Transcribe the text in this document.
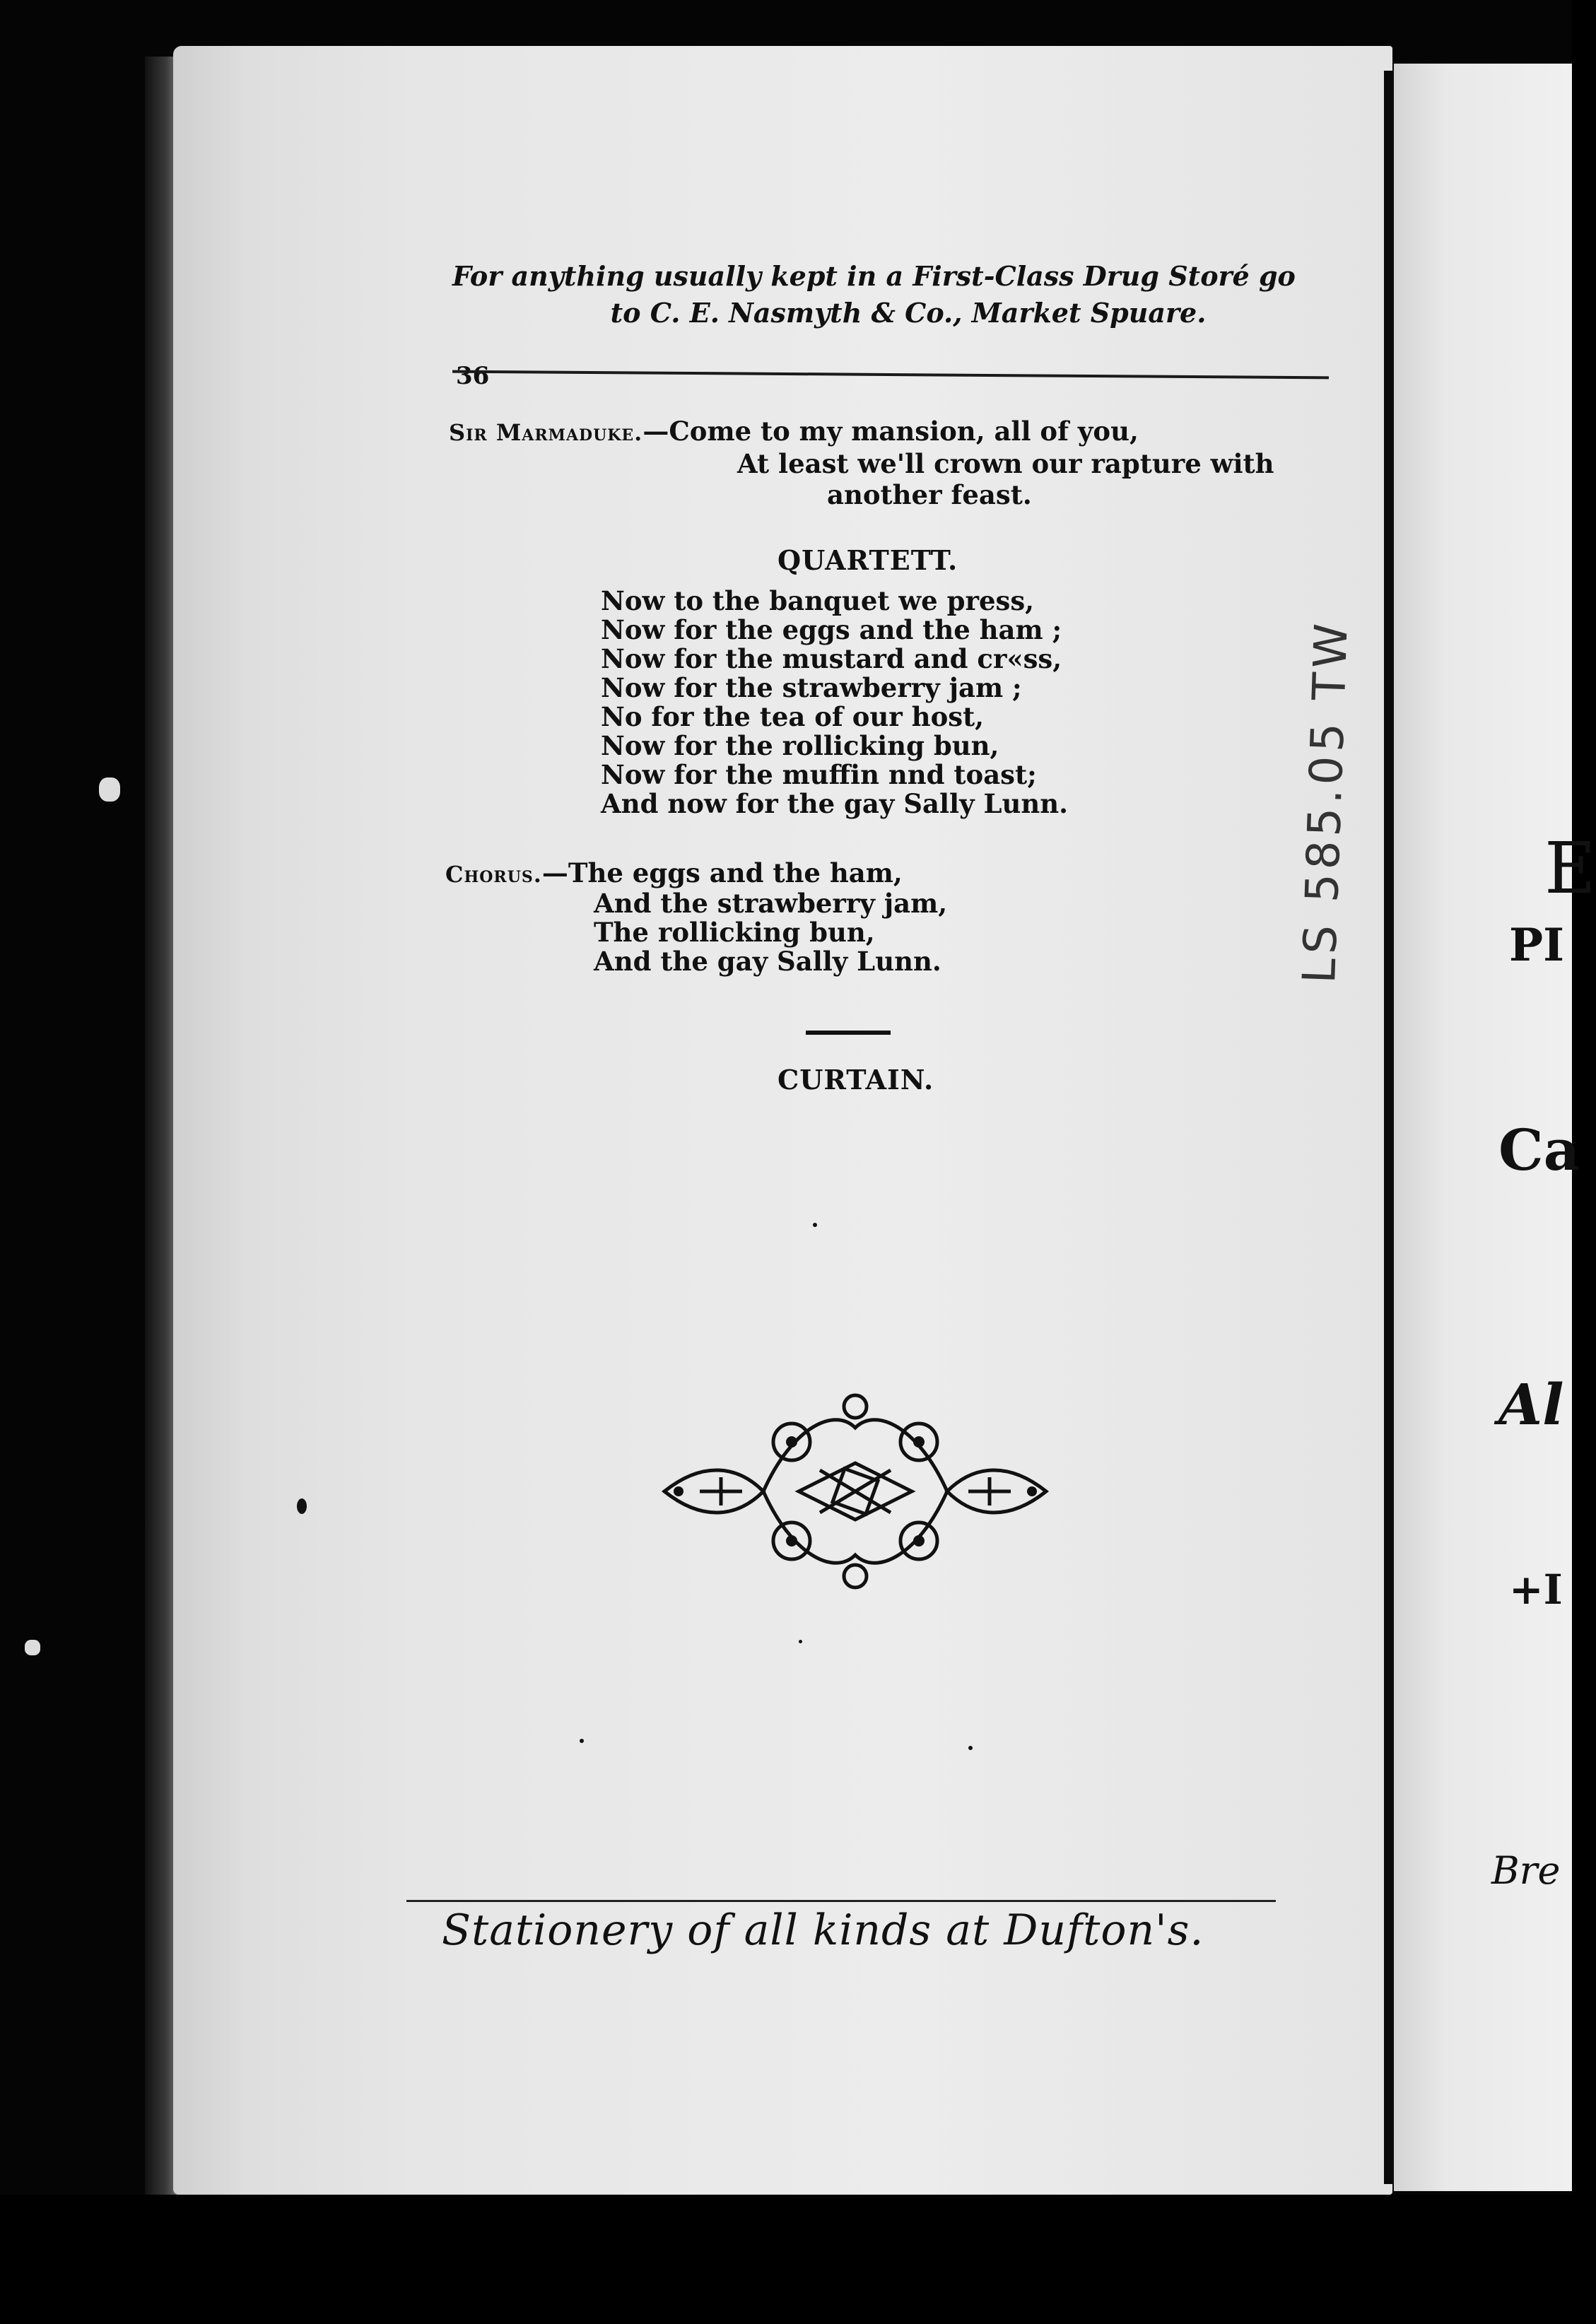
For anything usually kept in a First-Class Drug Storé go
to C. E. Nasmyth & Co., Market Spuare.
36
Sir Marmaduke.—Come to my mansion, all of you,
At least we'll crown our rapture with
another feast.
QUARTETT.
Now to the banquet we press,
Now for the eggs and the ham ;
Now for the mustard and cr«ss,
Now for the strawberry jam ;
No for the tea of our host,
Now for the rollicking bun,
Now for the muffin nnd toast;
And now for the gay Sally Lunn.
Chorus.—The eggs and the ham,
And the strawberry jam,
The rollicking bun,
And the gay Sally Lunn.
CURTAIN.
Stationery of all kinds at Dufton's.
LS 585.05 TW	E
PI
Ca
Al
+I
Bre
